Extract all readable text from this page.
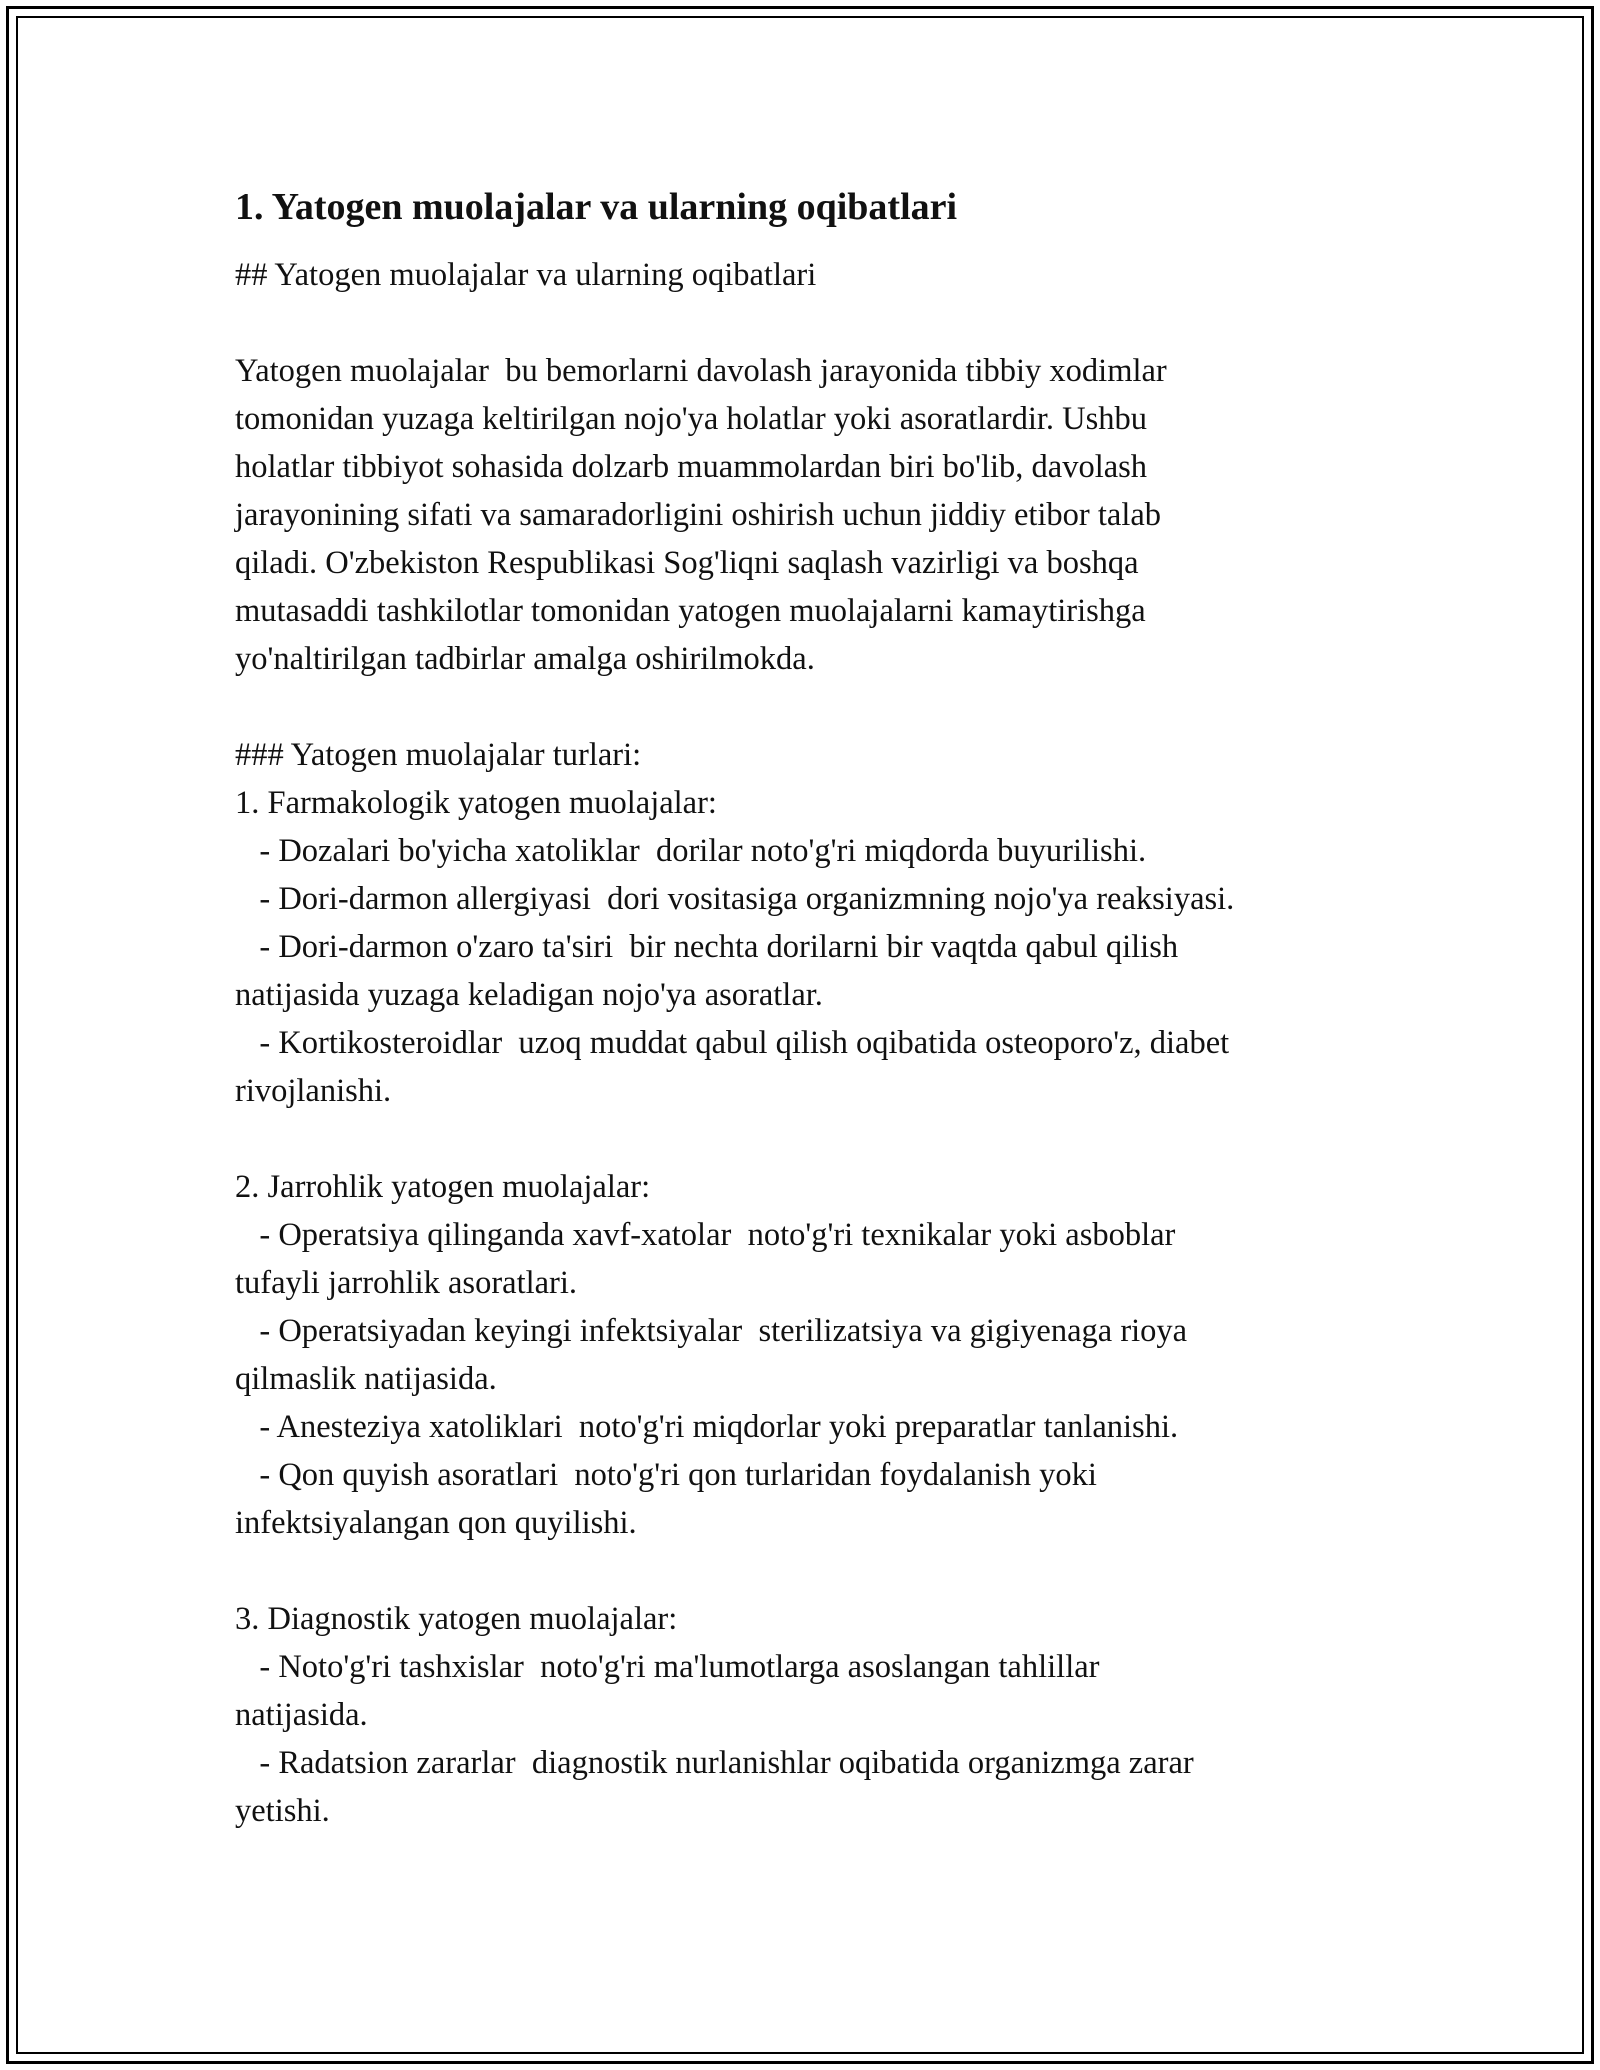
1. Yatogen muolajalar va ularning oqibatlari
## Yatogen muolajalar va ularning oqibatlari
Yatogen muolajalar  bu bemorlarni davolash jarayonida tibbiy xodimlar
tomonidan yuzaga keltirilgan nojo'ya holatlar yoki asoratlardir. Ushbu
holatlar tibbiyot sohasida dolzarb muammolardan biri bo'lib, davolash
jarayonining sifati va samaradorligini oshirish uchun jiddiy etibor talab
qiladi. O'zbekiston Respublikasi Sog'liqni saqlash vazirligi va boshqa
mutasaddi tashkilotlar tomonidan yatogen muolajalarni kamaytirishga
yo'naltirilgan tadbirlar amalga oshirilmokda.
### Yatogen muolajalar turlari:
1. Farmakologik yatogen muolajalar:
- Dozalari bo'yicha xatoliklar  dorilar noto'g'ri miqdorda buyurilishi.
- Dori-darmon allergiyasi  dori vositasiga organizmning nojo'ya reaksiyasi.
- Dori-darmon o'zaro ta'siri  bir nechta dorilarni bir vaqtda qabul qilish
natijasida yuzaga keladigan nojo'ya asoratlar.
- Kortikosteroidlar  uzoq muddat qabul qilish oqibatida osteoporo'z, diabet
rivojlanishi.
2. Jarrohlik yatogen muolajalar:
- Operatsiya qilinganda xavf-xatolar  noto'g'ri texnikalar yoki asboblar
tufayli jarrohlik asoratlari.
- Operatsiyadan keyingi infektsiyalar  sterilizatsiya va gigiyenaga rioya
qilmaslik natijasida.
- Anesteziya xatoliklari  noto'g'ri miqdorlar yoki preparatlar tanlanishi.
- Qon quyish asoratlari  noto'g'ri qon turlaridan foydalanish yoki
infektsiyalangan qon quyilishi.
3. Diagnostik yatogen muolajalar:
- Noto'g'ri tashxislar  noto'g'ri ma'lumotlarga asoslangan tahlillar
natijasida.
- Radatsion zararlar  diagnostik nurlanishlar oqibatida organizmga zarar
yetishi.
